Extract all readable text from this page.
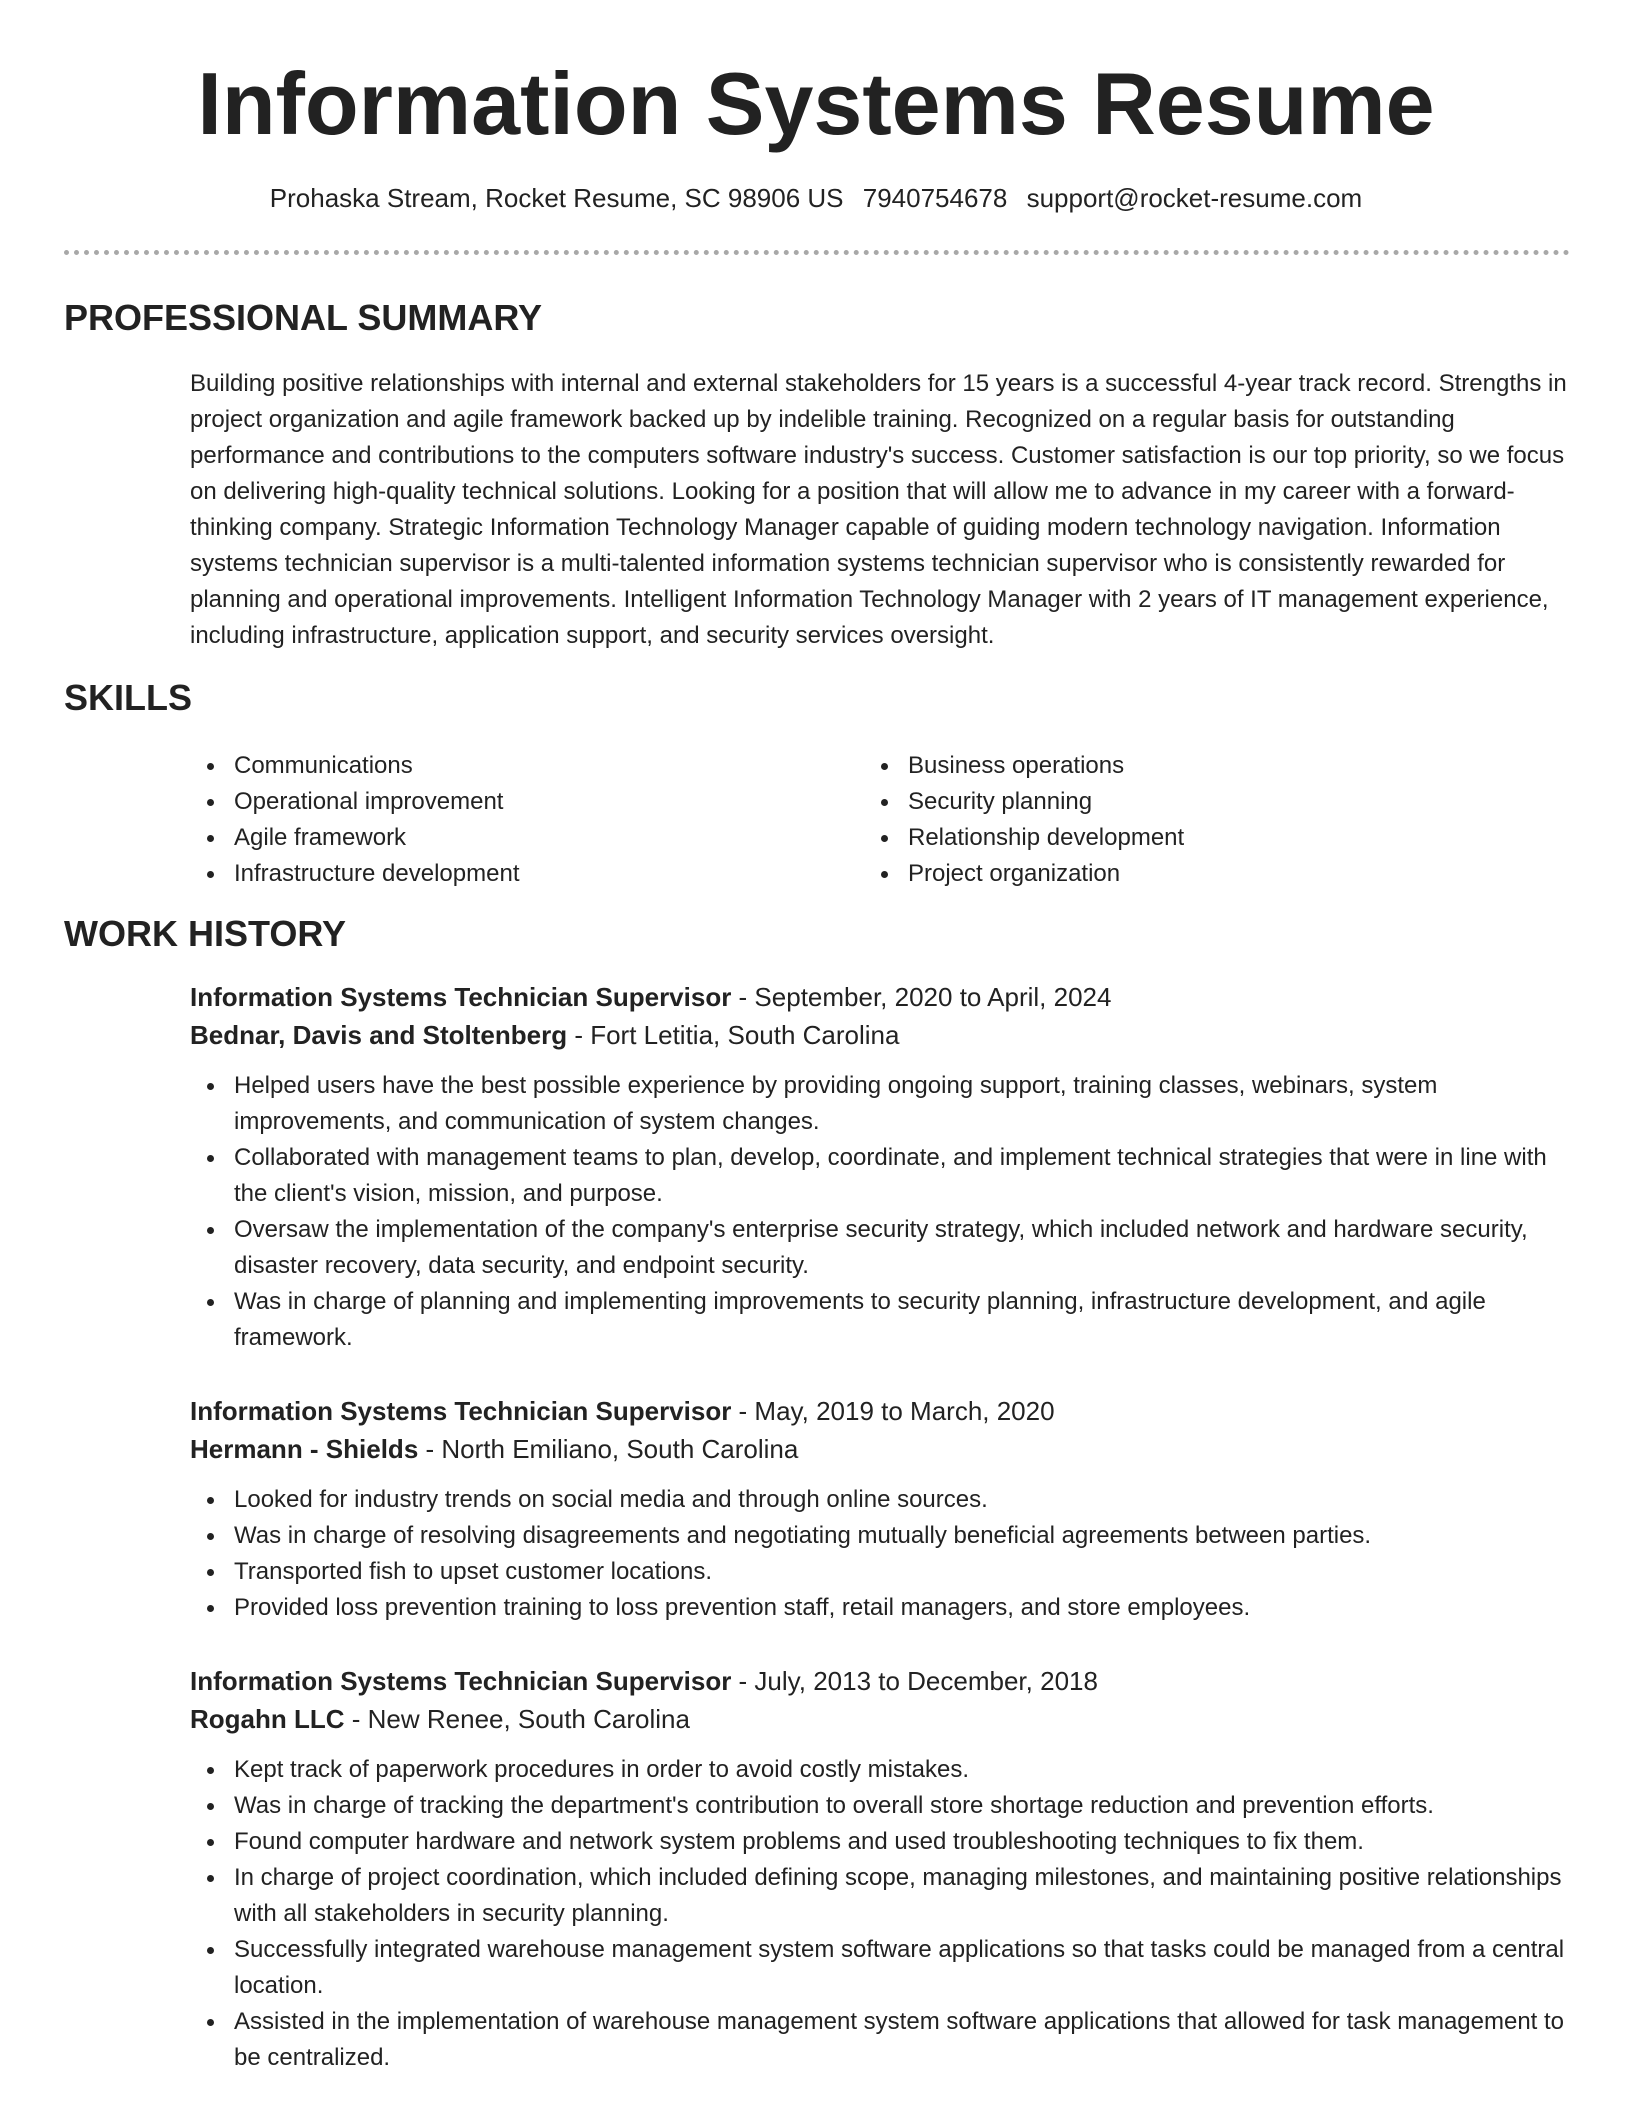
Information Systems Resume
Prohaska Stream, Rocket Resume, SC 98906 US 7940754678 support@rocket-resume.com
PROFESSIONAL SUMMARY
Building positive relationships with internal and external stakeholders for 15 years is a successful 4-year track record. Strengths in project organization and agile framework backed up by indelible training. Recognized on a regular basis for outstanding performance and contributions to the computers software industry's success. Customer satisfaction is our top priority, so we focus on delivering high-quality technical solutions. Looking for a position that will allow me to advance in my career with a forward-thinking company. Strategic Information Technology Manager capable of guiding modern technology navigation. Information systems technician supervisor is a multi-talented information systems technician supervisor who is consistently rewarded for planning and operational improvements. Intelligent Information Technology Manager with 2 years of IT management experience, including infrastructure, application support, and security services oversight.
SKILLS
Communications
Operational improvement
Agile framework
Infrastructure development
Business operations
Security planning
Relationship development
Project organization
WORK HISTORY
Information Systems Technician Supervisor - September, 2020 to April, 2024
Bednar, Davis and Stoltenberg - Fort Letitia, South Carolina
Helped users have the best possible experience by providing ongoing support, training classes, webinars, system improvements, and communication of system changes.
Collaborated with management teams to plan, develop, coordinate, and implement technical strategies that were in line with the client's vision, mission, and purpose.
Oversaw the implementation of the company's enterprise security strategy, which included network and hardware security, disaster recovery, data security, and endpoint security.
Was in charge of planning and implementing improvements to security planning, infrastructure development, and agile framework.
Information Systems Technician Supervisor - May, 2019 to March, 2020
Hermann - Shields - North Emiliano, South Carolina
Looked for industry trends on social media and through online sources.
Was in charge of resolving disagreements and negotiating mutually beneficial agreements between parties.
Transported fish to upset customer locations.
Provided loss prevention training to loss prevention staff, retail managers, and store employees.
Information Systems Technician Supervisor - July, 2013 to December, 2018
Rogahn LLC - New Renee, South Carolina
Kept track of paperwork procedures in order to avoid costly mistakes.
Was in charge of tracking the department's contribution to overall store shortage reduction and prevention efforts.
Found computer hardware and network system problems and used troubleshooting techniques to fix them.
In charge of project coordination, which included defining scope, managing milestones, and maintaining positive relationships with all stakeholders in security planning.
Successfully integrated warehouse management system software applications so that tasks could be managed from a central location.
Assisted in the implementation of warehouse management system software applications that allowed for task management to be centralized.
